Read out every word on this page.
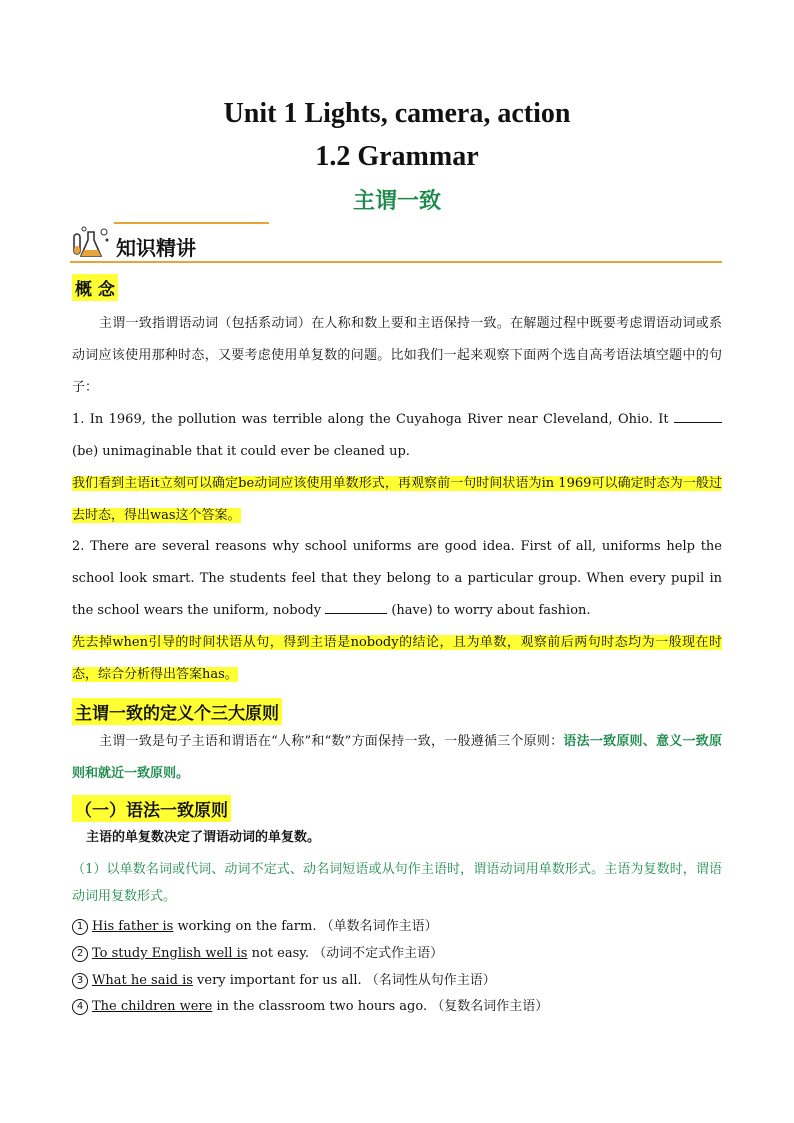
Unit 1 Lights, camera, action
1.2 Grammar
主谓一致
知识精讲
概 念
主谓一致指谓语动词（包括系动词）在人称和数上要和主语保持一致。在解题过程中既要考虑谓语动词或系动词应该使用那种时态，又要考虑使用单复数的问题。比如我们一起来观察下面两个选自高考语法填空题中的句子：
1. In 1969, the pollution was terrible along the Cuyahoga River near Cleveland, Ohio. It  (be) unimaginable that it could ever be cleaned up.
我们看到主语it立刻可以确定be动词应该使用单数形式，再观察前一句时间状语为in 1969可以确定时态为一般过去时态，得出was这个答案。
2. There are several reasons why school uniforms are good idea. First of all, uniforms help the school look smart. The students feel that they belong to a particular group. When every pupil in the school wears the uniform, nobody	(have) to worry about fashion.
先去掉when引导的时间状语从句，得到主语是nobody的结论，且为单数，观察前后两句时态均为一般现在时态，综合分析得出答案has。
主谓一致的定义个三大原则
主谓一致是句子主语和谓语在“人称”和“数”方面保持一致，一般遵循三个原则：语法一致原则、意义一致原则和就近一致原则。
（一）语法一致原则
主语的单复数决定了谓语动词的单复数。
（1）以单数名词或代词、动词不定式、动名词短语或从句作主语时，谓语动词用单数形式。主语为复数时，谓语动词用复数形式。
1 His father is working on the farm. （单数名词作主语）
2 To study English well is not easy. （动词不定式作主语）
3 What he said is very important for us all. （名词性从句作主语）
4 The children were in the classroom two hours ago. （复数名词作主语）
